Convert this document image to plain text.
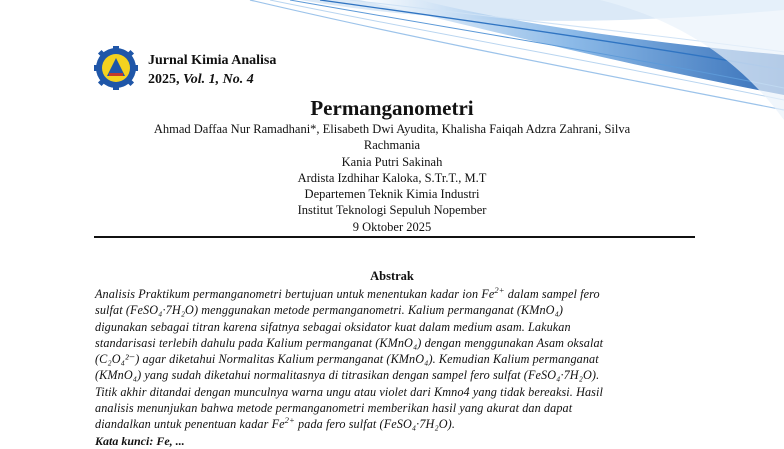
Jurnal Kimia Analisa
2025, Vol. 1, No. 4
Permanganometri
Ahmad Daffaa Nur Ramadhani*, Elisabeth Dwi Ayudita, Khalisha Faiqah Adzra Zahrani, Silva
Rachmania
Kania Putri Sakinah
Ardista Izdhihar Kaloka, S.Tr.T., M.T
Departemen Teknik Kimia Industri
Institut Teknologi Sepuluh Nopember
9 Oktober 2025
Abstrak
Analisis Praktikum permanganometri bertujuan untuk menentukan kadar ion $Fe^{2+}$ dalam sampel fero
sulfat (FeSO₄·7H₂O) menggunakan metode permanganometri. Kalium permanganat (KMnO₄)
digunakan sebagai titran karena sifatnya sebagai oksidator kuat dalam medium asam. Lakukan
standarisasi terlebih dahulu pada Kalium permanganat (KMnO₄) dengan menggunakan Asam oksalat
(C₂O₄²⁻) agar diketahui Normalitas Kalium permanganat (KMnO₄). Kemudian Kalium permanganat
(KMnO₄) yang sudah diketahui normalitasnya di titrasikan dengan sampel fero sulfat (FeSO₄·7H₂O).
Titik akhir ditandai dengan munculnya warna ungu atau violet dari Kmno4 yang tidak bereaksi. Hasil
analisis menunjukan bahwa metode permanganometri memberikan hasil yang akurat dan dapat
diandalkan untuk penentuan kadar $Fe^{2+}$ pada fero sulfat (FeSO₄·7H₂O).
Kata kunci: Fe, ...
